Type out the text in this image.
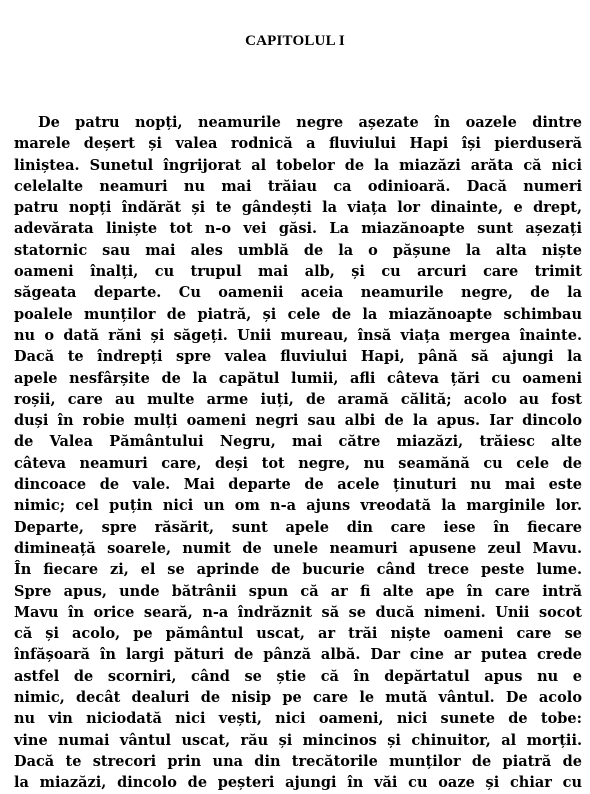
CAPITOLUL I
De patru nopți, neamurile negre așezate în oazele dintre
marele deșert și valea rodnică a fluviului Hapi își pierduseră
liniștea. Sunetul îngrijorat al tobelor de la miazăzi arăta că nici
celelalte neamuri nu mai trăiau ca odinioară. Dacă numeri
patru nopți îndărăt și te gândești la viața lor dinainte, e drept,
adevărata liniște tot n-o vei găsi. La miazănoapte sunt așezați
statornic sau mai ales umblă de la o pășune la alta niște
oameni înalți, cu trupul mai alb, și cu arcuri care trimit
săgeata departe. Cu oamenii aceia neamurile negre, de la
poalele munților de piatră, și cele de la miazănoapte schimbau
nu o dată răni și săgeți. Unii mureau, însă viața mergea înainte.
Dacă te îndrepți spre valea fluviului Hapi, până să ajungi la
apele nesfârșite de la capătul lumii, afli câteva țări cu oameni
roșii, care au multe arme iuți, de aramă călită; acolo au fost
duși în robie mulți oameni negri sau albi de la apus. Iar dincolo
de Valea Pământului Negru, mai către miazăzi, trăiesc alte
câteva neamuri care, deși tot negre, nu seamănă cu cele de
dincoace de vale. Mai departe de acele ținuturi nu mai este
nimic; cel puțin nici un om n-a ajuns vreodată la marginile lor.
Departe, spre răsărit, sunt apele din care iese în fiecare
dimineață soarele, numit de unele neamuri apusene zeul Mavu.
În fiecare zi, el se aprinde de bucurie când trece peste lume.
Spre apus, unde bătrânii spun că ar fi alte ape în care intră
Mavu în orice seară, n-a îndrăznit să se ducă nimeni. Unii socot
că și acolo, pe pământul uscat, ar trăi niște oameni care se
înfășoară în largi pături de pânză albă. Dar cine ar putea crede
astfel de scorniri, când se știe că în depărtatul apus nu e
nimic, decât dealuri de nisip pe care le mută vântul. De acolo
nu vin niciodată nici vești, nici oameni, nici sunete de tobe:
vine numai vântul uscat, rău și mincinos și chinuitor, al morții.
Dacă te strecori prin una din trecătorile munților de piatră de
la miazăzi, dincolo de peșteri ajungi în văi cu oaze și chiar cu
